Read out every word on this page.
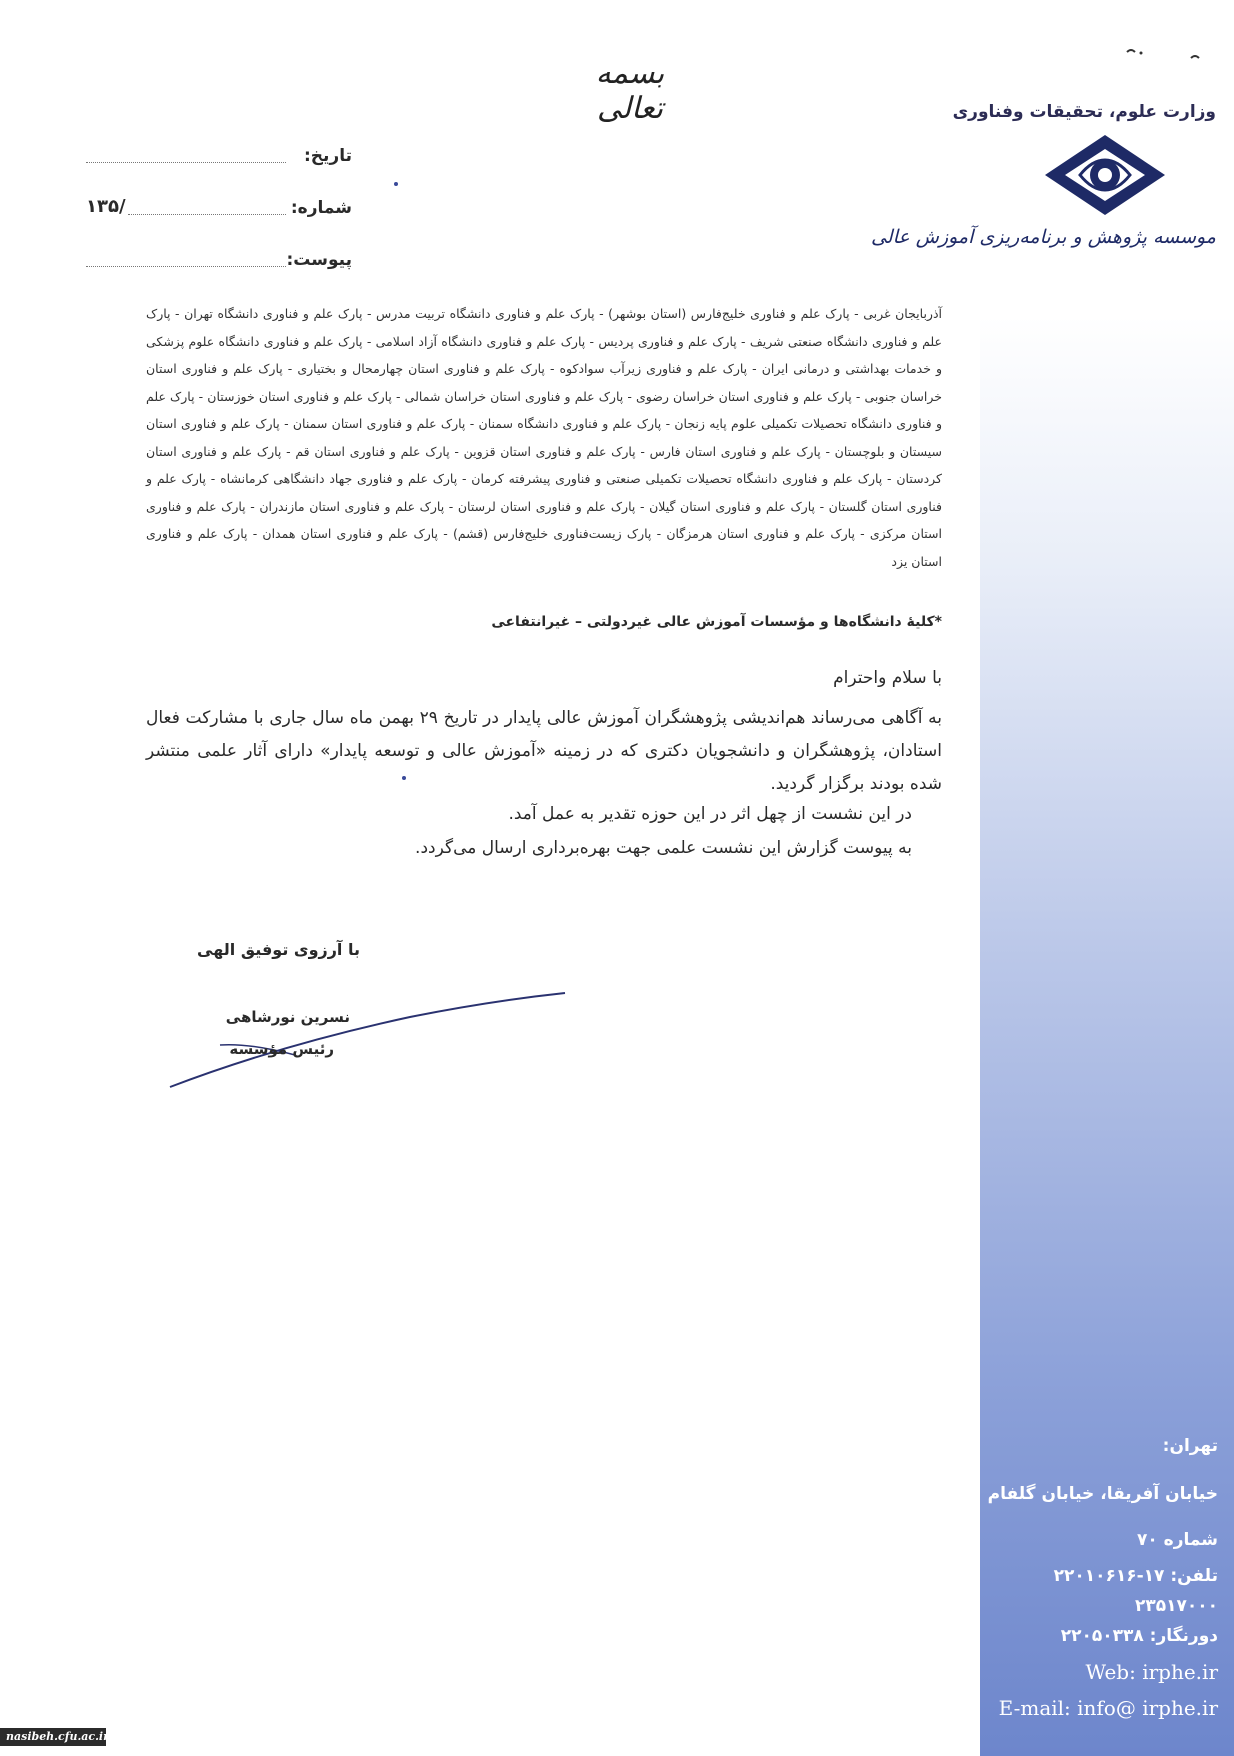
وزارت علوم، تحقیقات وفناوری
موسسه پژوهش و برنامه‌ریزی آموزش عالی
بسمه تعالی
تاریخ:
شماره:
۱۳۵/
پیوست:
آذربایجان غربی - پارک علم و فناوری خلیج‌فارس (استان بوشهر) - پارک علم و فناوری دانشگاه تربیت مدرس - پارک علم و فناوری دانشگاه تهران - پارک علم و فناوری دانشگاه صنعتی شریف - پارک علم و فناوری پردیس - پارک علم و فناوری دانشگاه آزاد اسلامی - پارک علم و فناوری دانشگاه علوم پزشکی و خدمات بهداشتی و درمانی ایران - پارک علم و فناوری زیرآب سوادکوه - پارک علم و فناوری استان چهارمحال و بختیاری - پارک علم و فناوری استان خراسان جنوبی - پارک علم و فناوری استان خراسان رضوی - پارک علم و فناوری استان خراسان شمالی - پارک علم و فناوری استان خوزستان - پارک علم و فناوری دانشگاه تحصیلات تکمیلی علوم پایه زنجان - پارک علم و فناوری دانشگاه سمنان - پارک علم و فناوری استان سمنان - پارک علم و فناوری استان سیستان و بلوچستان - پارک علم و فناوری استان فارس - پارک علم و فناوری استان قزوین - پارک علم و فناوری استان قم - پارک علم و فناوری استان کردستان - پارک علم و فناوری دانشگاه تحصیلات تکمیلی صنعتی و فناوری پیشرفته کرمان - پارک علم و فناوری جهاد دانشگاهی کرمانشاه - پارک علم و فناوری استان گلستان - پارک علم و فناوری استان گیلان - پارک علم و فناوری استان لرستان - پارک علم و فناوری استان مازندران - پارک علم و فناوری استان مرکزی - پارک علم و فناوری استان هرمزگان - پارک زیست‌فناوری خلیج‌فارس (قشم) - پارک علم و فناوری استان همدان - پارک علم و فناوری استان یزد
*کلیهٔ دانشگاه‌ها و مؤسسات آموزش عالی غیردولتی – غیرانتفاعی
با سلام واحترام
به آگاهی می‌رساند هم‌اندیشی پژوهشگران آموزش عالی پایدار در تاریخ ۲۹ بهمن ماه سال جاری با مشارکت فعال استادان، پژوهشگران و دانشجویان دکتری که در زمینه «آموزش عالی و توسعه پایدار» دارای آثار علمی منتشر شده بودند برگزار گردید.
در این نشست از چهل اثر در این حوزه تقدیر به عمل آمد.
به پیوست گزارش این نشست علمی جهت بهره‌برداری ارسال می‌گردد.
با آرزوی توفیق الهی
نسرین نورشاهی
رئیس مؤسسه
تهران:
خیابان آفریقا، خیابان گلفام
شماره ۷۰
تلفن: ۱۷-۲۲۰۱۰۶۱۶
۲۳۵۱۷۰۰۰
دورنگار: ۲۲۰۵۰۳۳۸
Web: irphe.ir
E-mail: info@ irphe.ir
nasibeh.cfu.ac.ir
